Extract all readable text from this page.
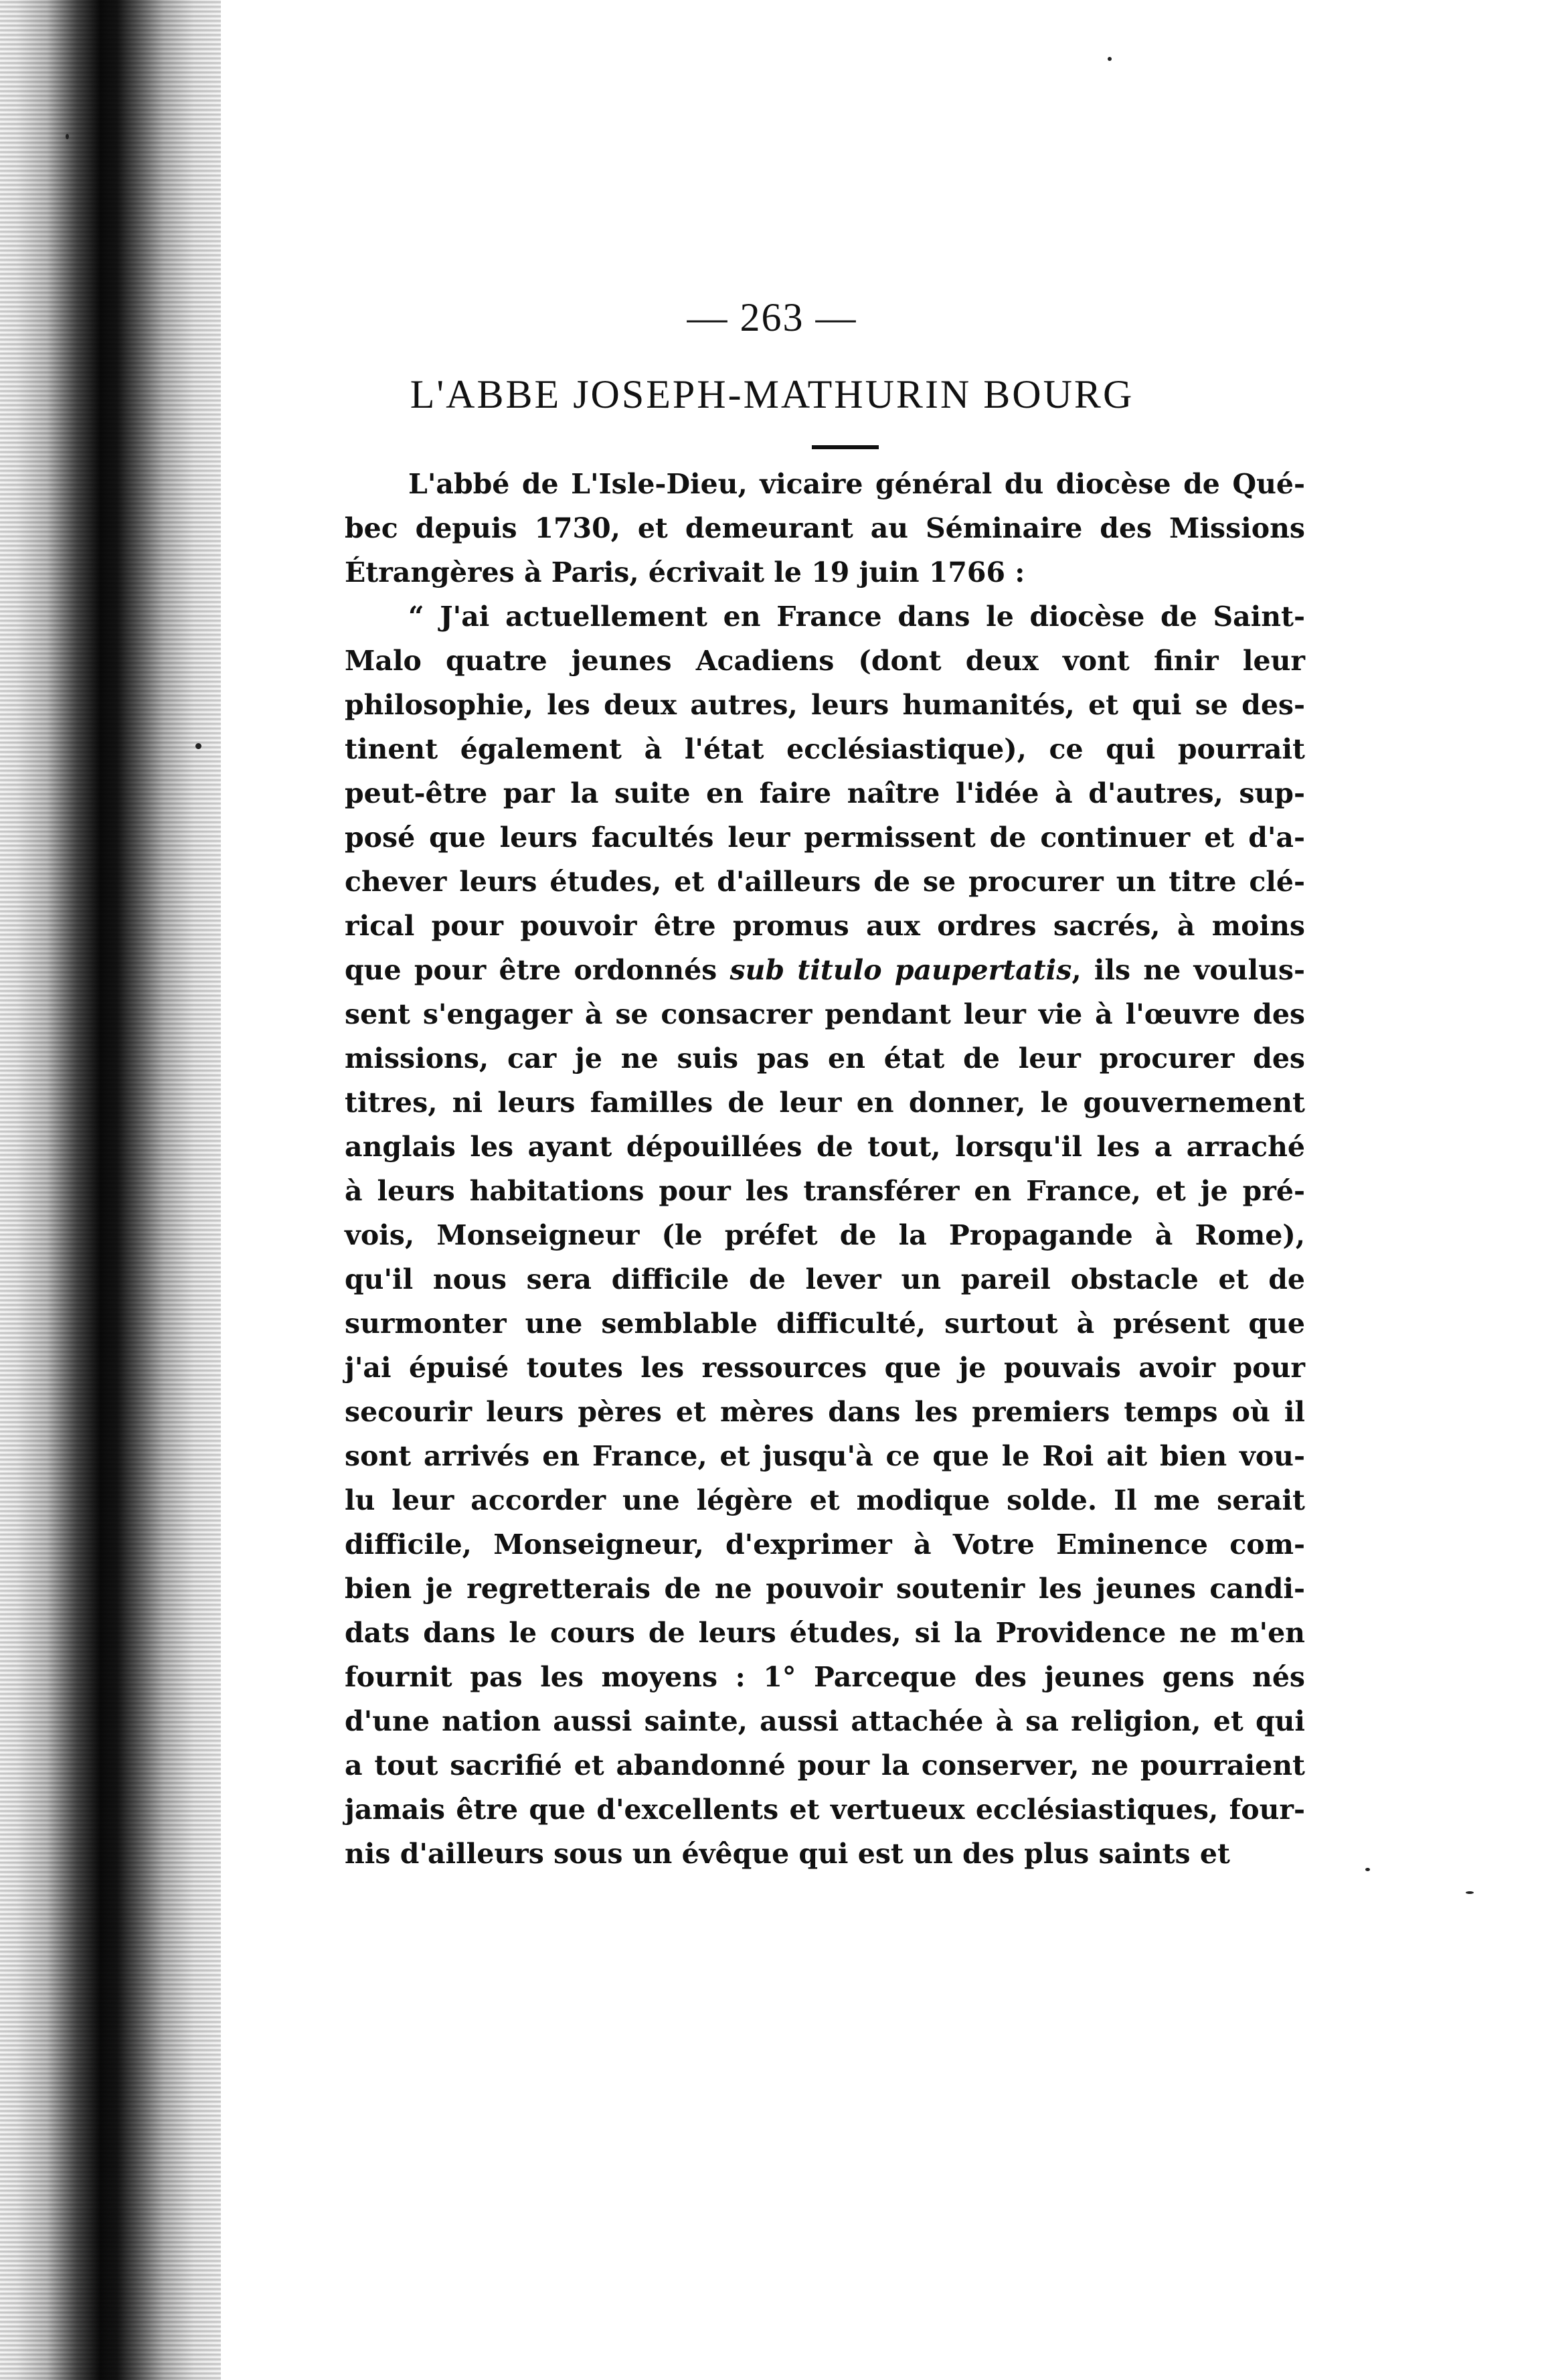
— 263 —
L'ABBE JOSEPH-MATHURIN BOURG
L'abbé de L'Isle-Dieu, vicaire général du diocèse de Qué-
bec depuis 1730, et demeurant au Séminaire des Missions
Étrangères à Paris, écrivait le 19 juin 1766 :
“ J'ai actuellement en France dans le diocèse de Saint-
Malo quatre jeunes Acadiens (dont deux vont finir leur
philosophie, les deux autres, leurs humanités, et qui se des-
tinent également à l'état ecclésiastique), ce qui pourrait
peut-être par la suite en faire naître l'idée à d'autres, sup-
posé que leurs facultés leur permissent de continuer et d'a-
chever leurs études, et d'ailleurs de se procurer un titre clé-
rical pour pouvoir être promus aux ordres sacrés, à moins
que pour être ordonnés sub titulo paupertatis, ils ne voulus-
sent s'engager à se consacrer pendant leur vie à l'œuvre des
missions, car je ne suis pas en état de leur procurer des
titres, ni leurs familles de leur en donner, le gouvernement
anglais les ayant dépouillées de tout, lorsqu'il les a arraché
à leurs habitations pour les transférer en France, et je pré-
vois, Monseigneur (le préfet de la Propagande à Rome),
qu'il nous sera difficile de lever un pareil obstacle et de
surmonter une semblable difficulté, surtout à présent que
j'ai épuisé toutes les ressources que je pouvais avoir pour
secourir leurs pères et mères dans les premiers temps où il
sont arrivés en France, et jusqu'à ce que le Roi ait bien vou-
lu leur accorder une légère et modique solde. Il me serait
difficile, Monseigneur, d'exprimer à Votre Eminence com-
bien je regretterais de ne pouvoir soutenir les jeunes candi-
dats dans le cours de leurs études, si la Providence ne m'en
fournit pas les moyens : 1° Parceque des jeunes gens nés
d'une nation aussi sainte, aussi attachée à sa religion, et qui
a tout sacrifié et abandonné pour la conserver, ne pourraient
jamais être que d'excellents et vertueux ecclésiastiques, four-
nis d'ailleurs sous un évêque qui est un des plus saints et
